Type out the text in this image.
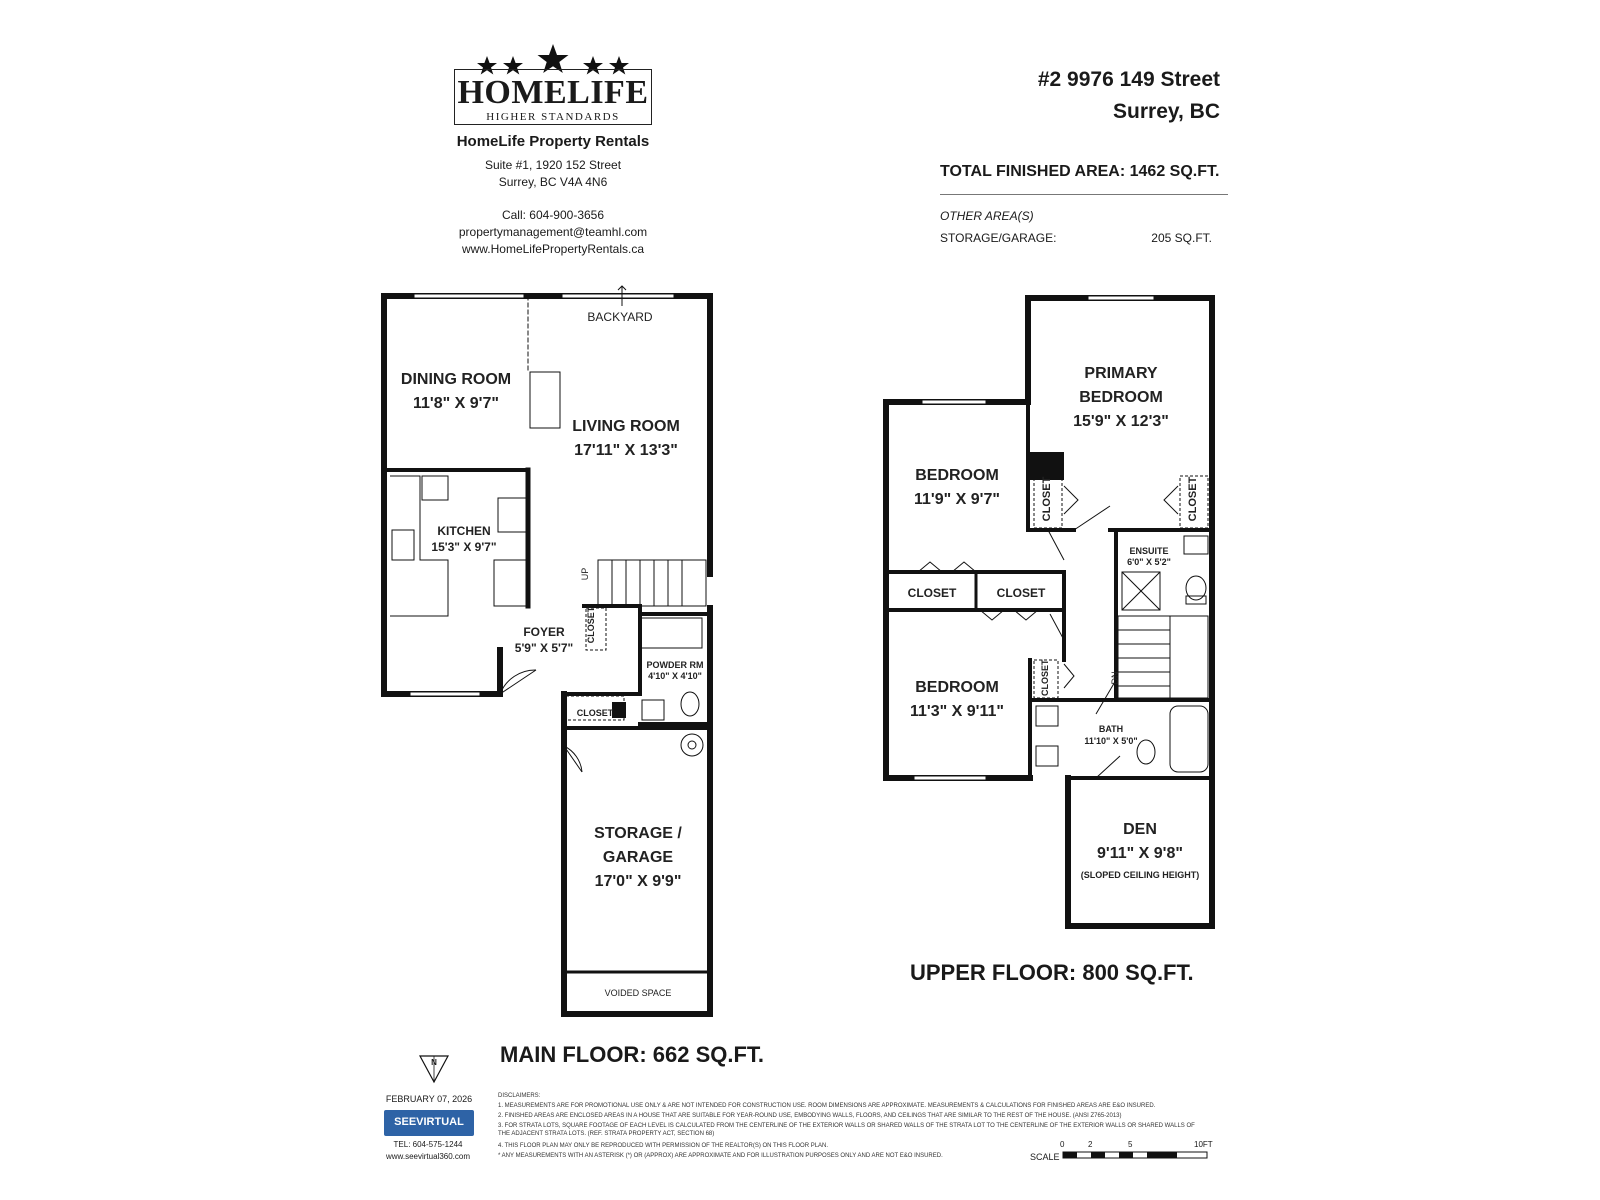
HOMELIFE
HIGHER STANDARDS
HomeLife Property Rentals
Suite #1, 1920 152 Street
Surrey, BC V4A 4N6
Call: 604-900-3656
propertymanagement@teamhl.com
www.HomeLifePropertyRentals.ca
#2 9976 149 Street
Surrey, BC
TOTAL FINISHED AREA: 1462 SQ.FT.
OTHER AREA(S)
STORAGE/GARAGE:	205 SQ.FT.
DINING ROOM
11'8" X 9'7"
LIVING ROOM
17'11" X 13'3"
KITCHEN
15'3" X 9'7"
FOYER
5'9" X 5'7"
CLOSET
POWDER RM
4'10" X 4'10"
CLOSET
STORAGE /
GARAGE
17'0" X 9'9"
BACKYARD
UP
VOIDED SPACE
MAIN FLOOR: 662 SQ.FT.
PRIMARY
BEDROOM
15'9" X 12'3"
BEDROOM
11'9" X 9'7"	CLOSET	CLOSET
ENSUITE
6'0" X 5'2"
CLOSET	CLOSET
BEDROOM
11'3" X 9'11"
CLOSET
BATH
11'10" X 5'0"
DEN
9'11" X 9'8"
(SLOPED CEILING HEIGHT)
DN
UPPER FLOOR: 800 SQ.FT.
N
FEBRUARY 07, 2026
SEEVIRTUAL
TEL: 604-575-1244
www.seevirtual360.com
DISCLAIMERS:
1. MEASUREMENTS ARE FOR PROMOTIONAL USE ONLY & ARE NOT INTENDED FOR CONSTRUCTION USE. ROOM DIMENSIONS ARE APPROXIMATE. MEASUREMENTS & CALCULATIONS FOR FINISHED AREAS ARE E&O INSURED.
2. FINISHED AREAS ARE ENCLOSED AREAS IN A HOUSE THAT ARE SUITABLE FOR YEAR-ROUND USE, EMBODYING WALLS, FLOORS, AND CEILINGS THAT ARE SIMILAR TO THE REST OF THE HOUSE. (ANSI Z765-2013)
3. FOR STRATA LOTS, SQUARE FOOTAGE OF EACH LEVEL IS CALCULATED FROM THE CENTERLINE OF THE EXTERIOR WALLS OR SHARED WALLS OF THE STRATA LOT TO THE CENTERLINE OF THE EXTERIOR WALLS OR SHARED WALLS OF THE ADJACENT STRATA LOTS. (REF. STRATA PROPERTY ACT, SECTION 68)
4. THIS FLOOR PLAN MAY ONLY BE REPRODUCED WITH PERMISSION OF THE REALTOR(S) ON THIS FLOOR PLAN.
* ANY MEASUREMENTS WITH AN ASTERISK (*) OR (APPROX) ARE APPROXIMATE AND FOR ILLUSTRATION PURPOSES ONLY AND ARE NOT E&O INSURED.	SCALE
0	2	5	10FT
